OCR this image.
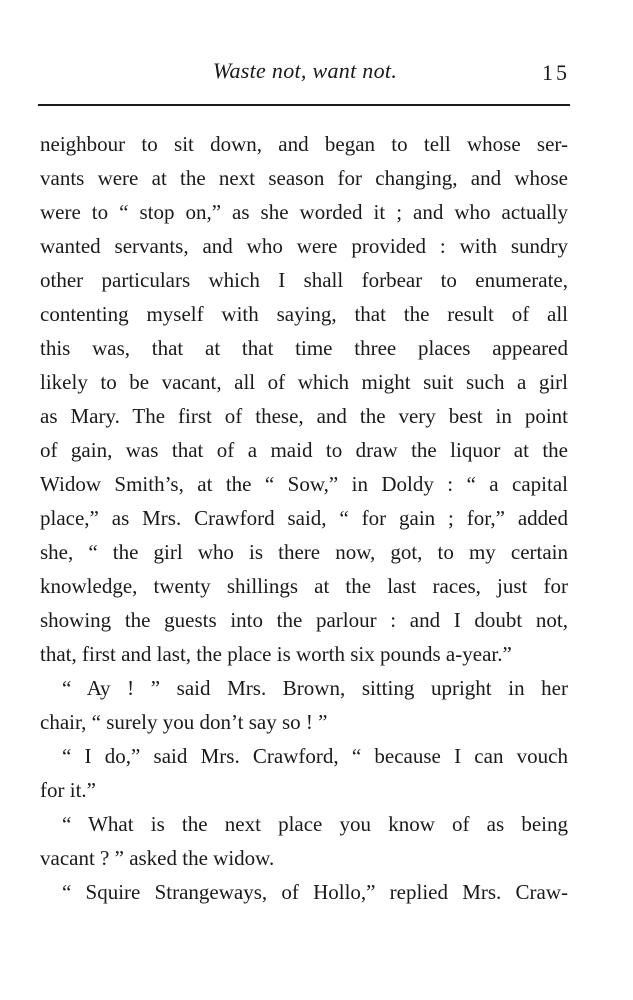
Waste not, want not.	15
neighbour to sit down, and began to tell whose ser-
vants were at the next season for changing, and whose
were to “ stop on,” as she worded it ; and who actually
wanted servants, and who were provided : with sundry
other particulars which I shall forbear to enumerate,
contenting myself with saying, that the result of all
this was, that at that time three places appeared
likely to be vacant, all of which might suit such a girl
as Mary. The first of these, and the very best in point
of gain, was that of a maid to draw the liquor at the
Widow Smith’s, at the “ Sow,” in Doldy : “ a capital
place,” as Mrs. Crawford said, “ for gain ; for,” added
she, “ the girl who is there now, got, to my certain
knowledge, twenty shillings at the last races, just for
showing the guests into the parlour : and I doubt not,
that, first and last, the place is worth six pounds a-year.”
“ Ay ! ” said Mrs. Brown, sitting upright in her
chair, “ surely you don’t say so ! ”
“ I do,” said Mrs. Crawford, “ because I can vouch
for it.”
“ What is the next place you know of as being
vacant ? ” asked the widow.
“ Squire Strangeways, of Hollo,” replied Mrs. Craw-
